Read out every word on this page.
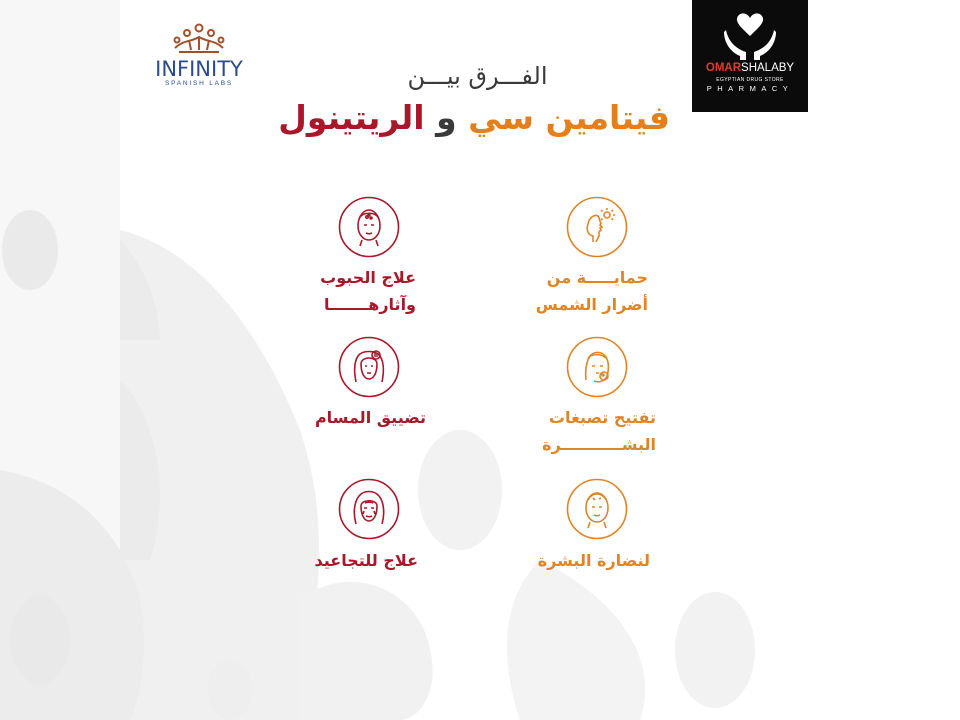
INFINITY
SPANISH LABS
OMARSHALABY
EGYPTIAN DRUG STORE
PHARMACY
الفـــرق بيـــن
فيتامين سي و الريتينول
حمايـــــة من
أضرار الشمس
تفتيح تصبغات
البشـــــــــــرة
لنضارة البشرة
علاج الحبوب
وآثارهـــــــا
تضييق المسام
علاج للتجاعيد
